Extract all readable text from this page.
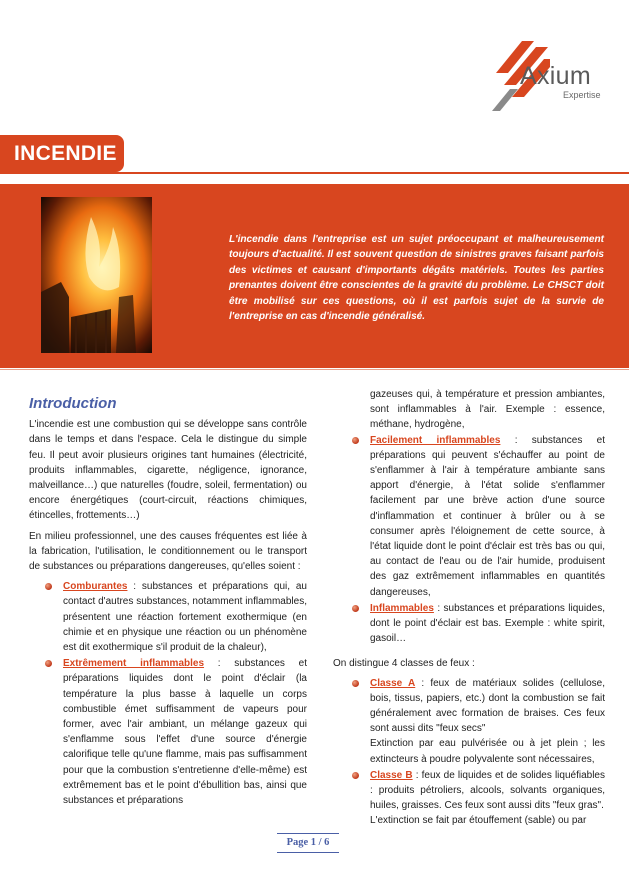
Axium
Expertise
INCENDIE
L'incendie dans l'entreprise est un sujet préoccupant et malheureusement toujours d'actualité. Il est souvent question de sinistres graves faisant parfois des victimes et causant d'importants dégâts matériels. Toutes les parties prenantes doivent être conscientes de la gravité du problème. Le CHSCT doit être mobilisé sur ces questions, où il est parfois sujet de la survie de l'entreprise en cas d'incendie généralisé.
Introduction

L'incendie est une combustion qui se développe sans contrôle dans le temps et dans l'espace. Cela le distingue du simple feu. Il peut avoir plusieurs origines tant humaines (électricité, produits inflammables, cigarette, négligence, ignorance, malveillance…) que naturelles (foudre, soleil, fermentation) ou encore énergétiques (court-circuit, réactions chimiques, étincelles, frottements…)

En milieu professionnel, une des causes fréquentes est liée à la fabrication, l'utilisation, le conditionnement ou le transport de substances ou préparations dangereuses, qu'elles soient :

Comburantes : substances et préparations qui, au contact d'autres substances, notamment inflammables, présentent une réaction fortement exothermique (en chimie et en physique une réaction ou un phénomène est dit exothermique s'il produit de la chaleur),
Extrêmement inflammables : substances et préparations liquides dont le point d'éclair (la température la plus basse à laquelle un corps combustible émet suffisamment de vapeurs pour former, avec l'air ambiant, un mélange gazeux qui s'enflamme sous l'effet d'une source d'énergie calorifique telle qu'une flamme, mais pas suffisamment pour que la combustion s'entretienne d'elle-même) est extrêmement bas et le point d'ébullition bas, ainsi que substances et préparations
gazeuses qui, à température et pression ambiantes, sont inflammables à l'air. Exemple : essence, méthane, hydrogène,
Facilement inflammables : substances et préparations qui peuvent s'échauffer au point de s'enflammer à l'air à température ambiante sans apport d'énergie, à l'état solide s'enflammer facilement par une brève action d'une source d'inflammation et continuer à brûler ou à se consumer après l'éloignement de cette source, à l'état liquide dont le point d'éclair est très bas ou qui, au contact de l'eau ou de l'air humide, produisent des gaz extrêmement inflammables en quantités dangereuses,
Inflammables : substances et préparations liquides, dont le point d'éclair est bas. Exemple : white spirit, gasoil…

On distingue 4 classes de feux :

Classe A : feux de matériaux solides (cellulose, bois, tissus, papiers, etc.) dont la combustion se fait généralement avec formation de braises. Ces feux sont aussi dits "feux secs"
Extinction par eau pulvérisée ou à jet plein ; les extincteurs à poudre polyvalente sont nécessaires,
Classe B : feux de liquides et de solides liquéfiables : produits pétroliers, alcools, solvants organiques, huiles, graisses. Ces feux sont aussi dits "feux gras".
L'extinction se fait par étouffement (sable) ou par
Page 1 / 6
